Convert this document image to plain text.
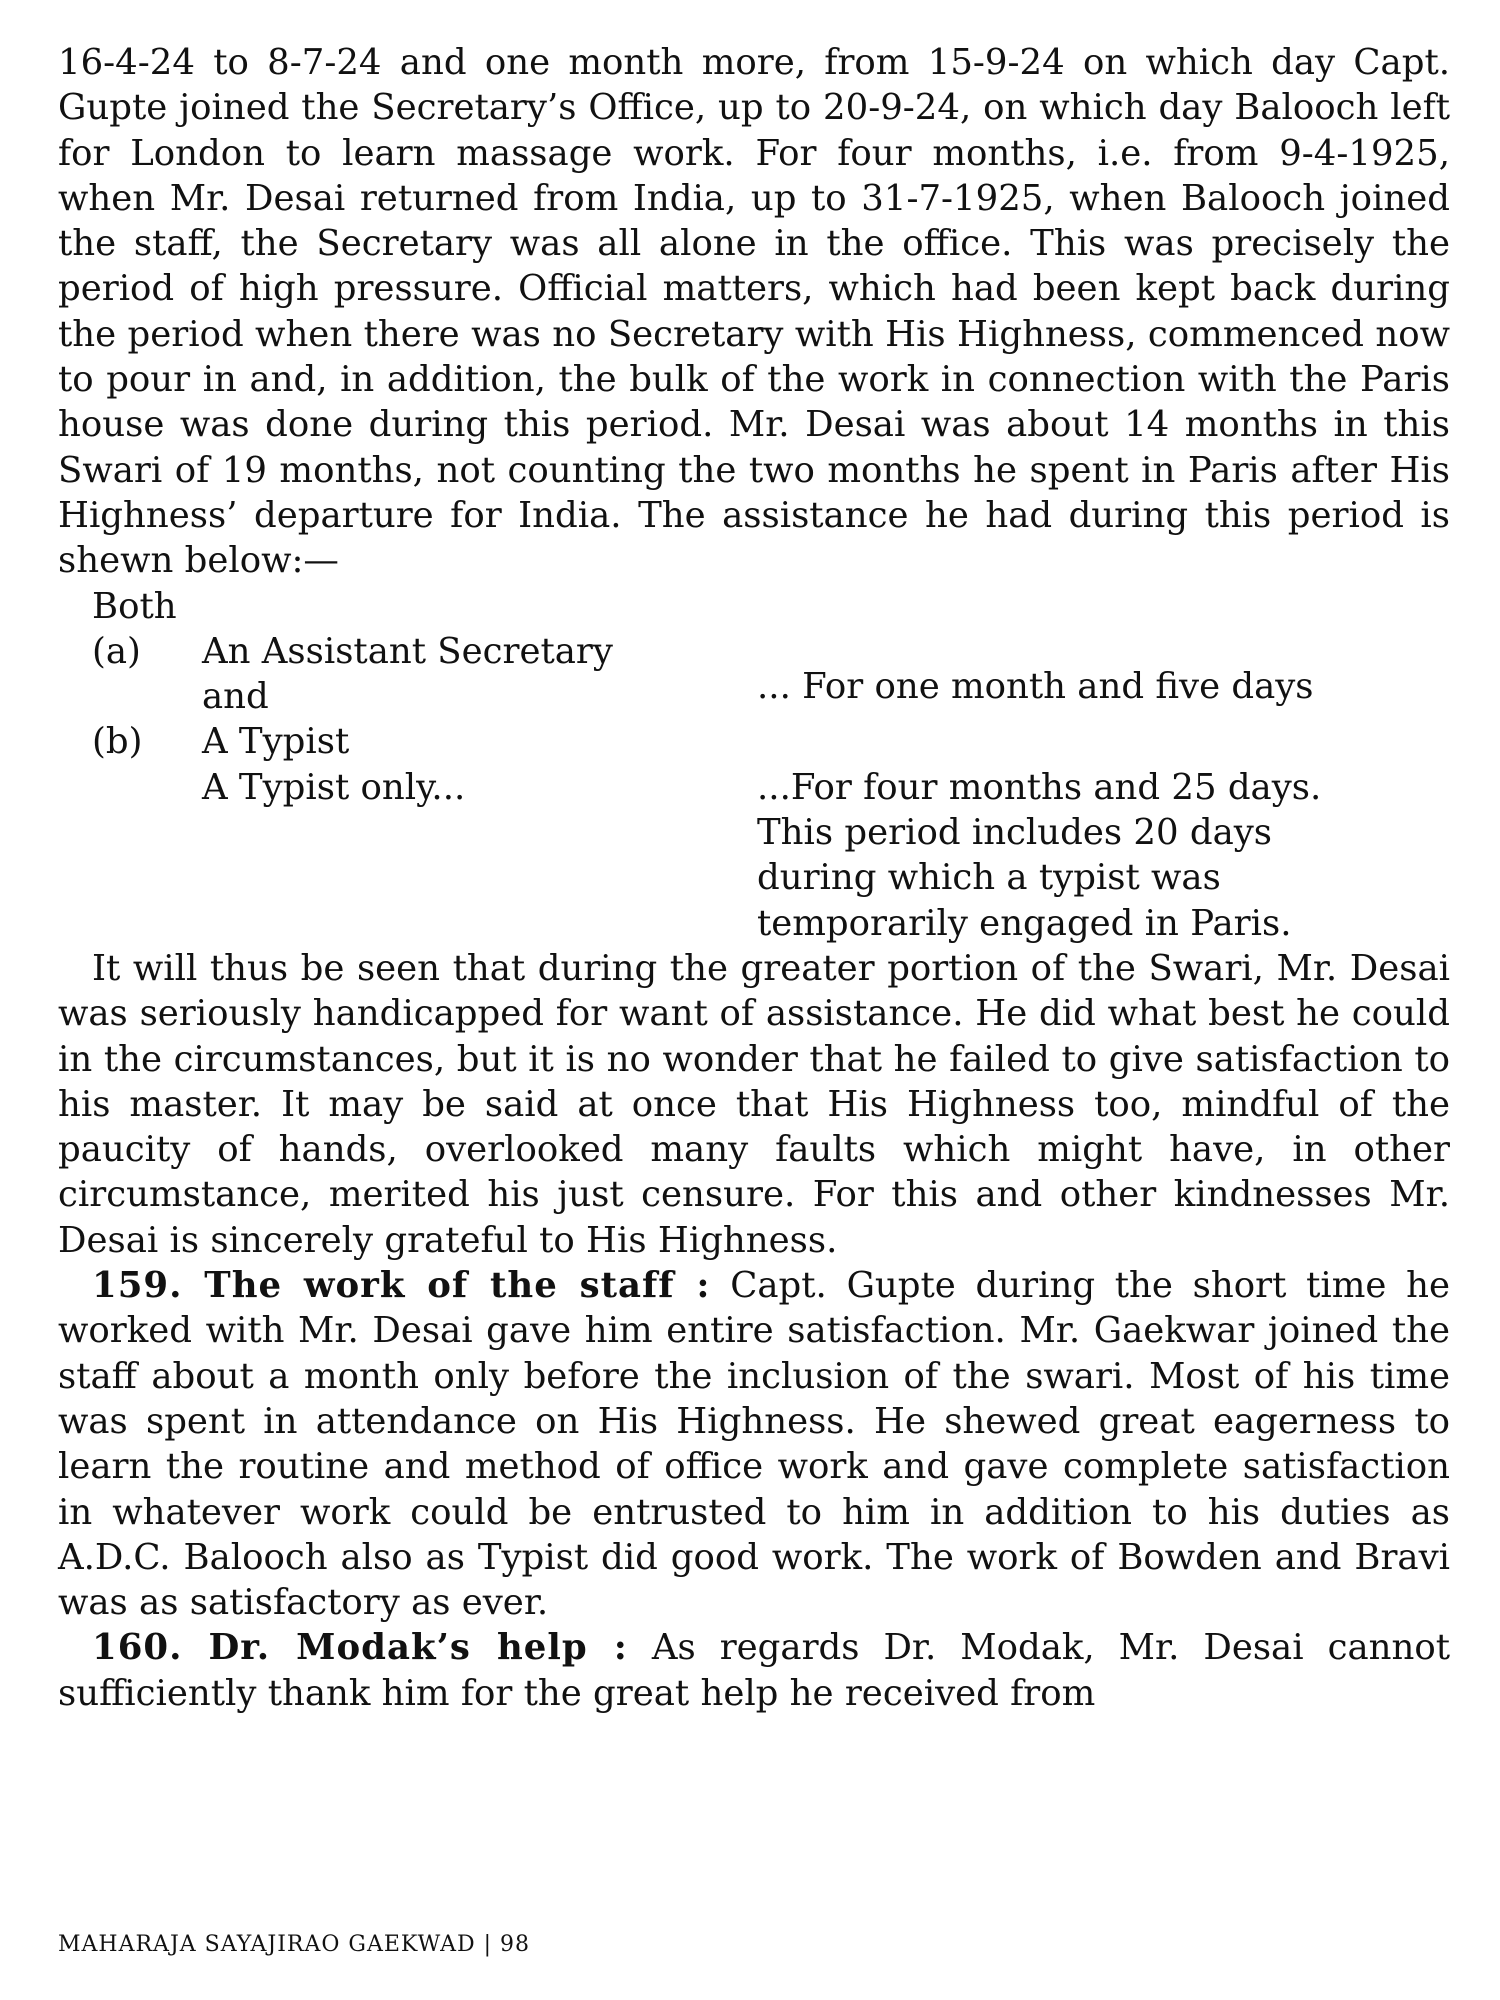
16-4-24 to 8-7-24 and one month more, from 15-9-24 on which day Capt. Gupte joined the Secretary’s Office, up to 20-9-24, on which day Balooch left for London to learn massage work. For four months, i.e. from 9-4-1925, when Mr. Desai returned from India, up to 31-7-1925, when Balooch joined the staff, the Secretary was all alone in the office. This was precisely the period of high pressure. Official matters, which had been kept back during the period when there was no Secretary with His Highness, commenced now to pour in and, in addition, the bulk of the work in connection with the Paris house was done during this period. Mr. Desai was about 14 months in this Swari of 19 months, not counting the two months he spent in Paris after His Highness’ departure for India. The assistance he had during this period is shewn below:—

Both		
(a)	An Assistant Secretary	
	and	... For one month and five days
(b)	A Typist	
	A Typist only...	...For four months and 25 days.
This period includes 20 days
during which a typist was
temporarily engaged in Paris.

It will thus be seen that during the greater portion of the Swari, Mr. Desai was seriously handicapped for want of assistance. He did what best he could in the circumstances, but it is no wonder that he failed to give satisfaction to his master. It may be said at once that His Highness too, mindful of the paucity of hands, overlooked many faults which might have, in other circumstance, merited his just censure. For this and other kindnesses Mr. Desai is sincerely grateful to His Highness.

159. The work of the staff : Capt. Gupte during the short time he worked with Mr. Desai gave him entire satisfaction. Mr. Gaekwar joined the staff about a month only before the inclusion of the swari. Most of his time was spent in attendance on His Highness. He shewed great eagerness to learn the routine and method of office work and gave complete satisfaction in whatever work could be entrusted to him in addition to his duties as A.D.C. Balooch also as Typist did good work. The work of Bowden and Bravi was as satisfactory as ever.

160. Dr. Modak’s help : As regards Dr. Modak, Mr. Desai cannot sufficiently thank him for the great help he received from

MAHARAJA SAYAJIRAO GAEKWAD | 98
